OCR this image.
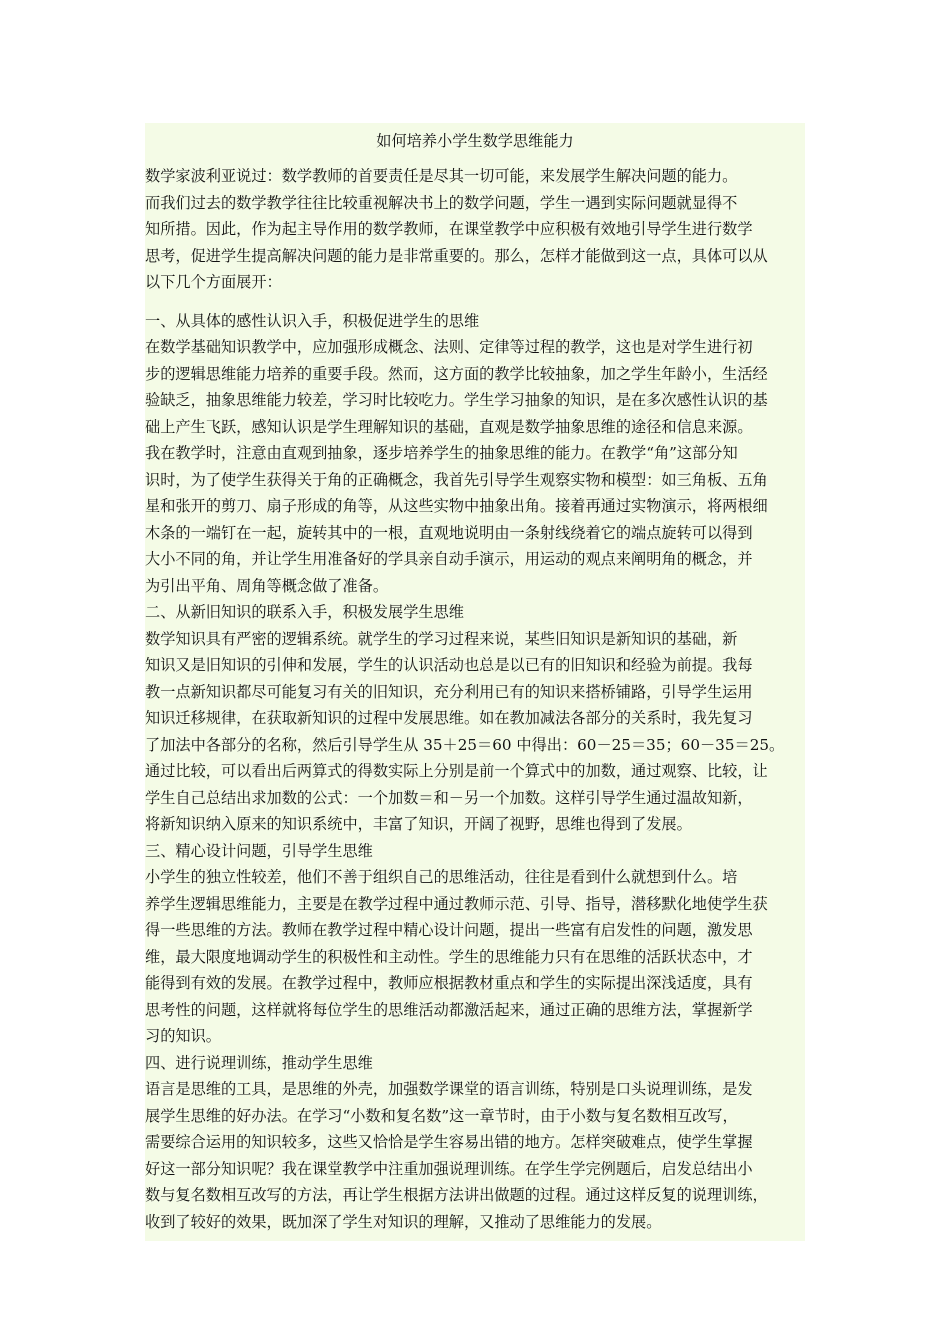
如何培养小学生数学思维能力
数学家波利亚说过：数学教师的首要责任是尽其一切可能，来发展学生解决问题的能力。
而我们过去的数学教学往往比较重视解决书上的数学问题，学生一遇到实际问题就显得不
知所措。因此，作为起主导作用的数学教师，在课堂教学中应积极有效地引导学生进行数学
思考，促进学生提高解决问题的能力是非常重要的。那么，怎样才能做到这一点，具体可以从
以下几个方面展开：
一、从具体的感性认识入手，积极促进学生的思维
在数学基础知识教学中，应加强形成概念、法则、定律等过程的教学，这也是对学生进行初
步的逻辑思维能力培养的重要手段。然而，这方面的教学比较抽象，加之学生年龄小，生活经
验缺乏，抽象思维能力较差，学习时比较吃力。学生学习抽象的知识，是在多次感性认识的基
础上产生飞跃，感知认识是学生理解知识的基础，直观是数学抽象思维的途径和信息来源。
我在教学时，注意由直观到抽象，逐步培养学生的抽象思维的能力。在教学“角”这部分知
识时，为了使学生获得关于角的正确概念，我首先引导学生观察实物和模型：如三角板、五角
星和张开的剪刀、扇子形成的角等，从这些实物中抽象出角。接着再通过实物演示，将两根细
木条的一端钉在一起，旋转其中的一根，直观地说明由一条射线绕着它的端点旋转可以得到
大小不同的角，并让学生用准备好的学具亲自动手演示，用运动的观点来阐明角的概念，并
为引出平角、周角等概念做了准备。
二、从新旧知识的联系入手，积极发展学生思维
数学知识具有严密的逻辑系统。就学生的学习过程来说，某些旧知识是新知识的基础，新
知识又是旧知识的引伸和发展，学生的认识活动也总是以已有的旧知识和经验为前提。我每
教一点新知识都尽可能复习有关的旧知识，充分利用已有的知识来搭桥铺路，引导学生运用
知识迁移规律，在获取新知识的过程中发展思维。如在教加减法各部分的关系时，我先复习
了加法中各部分的名称，然后引导学生从 35＋25＝60 中得出：60－25＝35；60－35＝25。
通过比较，可以看出后两算式的得数实际上分别是前一个算式中的加数，通过观察、比较，让
学生自己总结出求加数的公式：一个加数＝和－另一个加数。这样引导学生通过温故知新，
将新知识纳入原来的知识系统中，丰富了知识，开阔了视野，思维也得到了发展。
三、精心设计问题，引导学生思维
小学生的独立性较差，他们不善于组织自己的思维活动，往往是看到什么就想到什么。培
养学生逻辑思维能力，主要是在教学过程中通过教师示范、引导、指导，潜移默化地使学生获
得一些思维的方法。教师在教学过程中精心设计问题，提出一些富有启发性的问题，激发思
维，最大限度地调动学生的积极性和主动性。学生的思维能力只有在思维的活跃状态中，才
能得到有效的发展。在教学过程中，教师应根据教材重点和学生的实际提出深浅适度，具有
思考性的问题，这样就将每位学生的思维活动都激活起来，通过正确的思维方法，掌握新学
习的知识。
四、进行说理训练，推动学生思维
语言是思维的工具，是思维的外壳，加强数学课堂的语言训练，特别是口头说理训练，是发
展学生思维的好办法。在学习“小数和复名数”这一章节时，由于小数与复名数相互改写，
需要综合运用的知识较多，这些又恰恰是学生容易出错的地方。怎样突破难点，使学生掌握
好这一部分知识呢？我在课堂教学中注重加强说理训练。在学生学完例题后，启发总结出小
数与复名数相互改写的方法，再让学生根据方法讲出做题的过程。通过这样反复的说理训练，
收到了较好的效果，既加深了学生对知识的理解，又推动了思维能力的发展。
